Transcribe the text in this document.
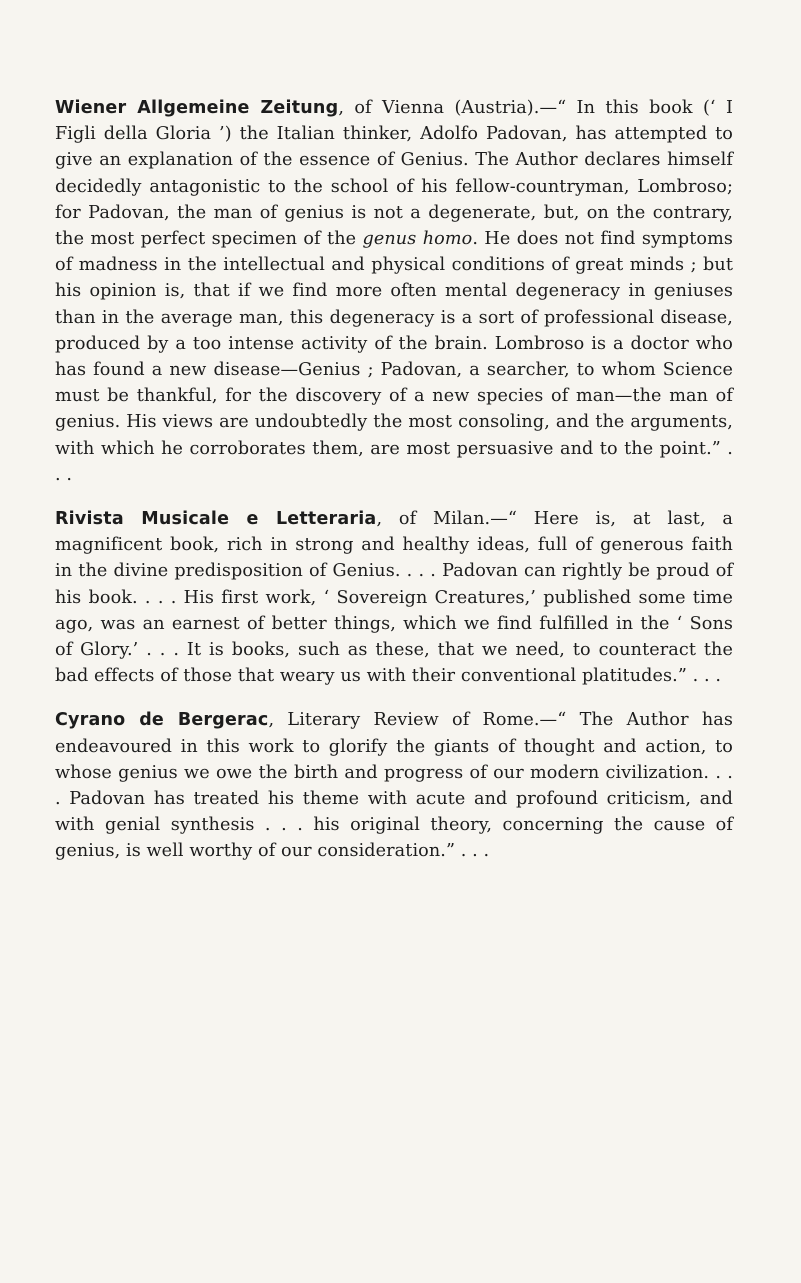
Wiener Allgemeine Zeitung, of Vienna (Austria).—“ In this book (‘ I Figli della Gloria ’) the Italian thinker, Adolfo Padovan, has attempted to give an explanation of the essence of Genius. The Author declares himself decidedly antagonistic to the school of his fellow-countryman, Lombroso; for Padovan, the man of genius is not a degenerate, but, on the contrary, the most perfect specimen of the genus homo. He does not find symptoms of madness in the intellectual and physical conditions of great minds ; but his opinion is, that if we find more often mental degeneracy in geniuses than in the average man, this degeneracy is a sort of professional disease, produced by a too intense activity of the brain. Lombroso is a doctor who has found a new disease—Genius ; Padovan, a searcher, to whom Science must be thankful, for the discovery of a new species of man—the man of genius. His views are undoubtedly the most consoling, and the arguments, with which he corroborates them, are most persuasive and to the point.” . . .

Rivista Musicale e Letteraria, of Milan.—“ Here is, at last, a magnificent book, rich in strong and healthy ideas, full of generous faith in the divine predisposition of Genius. . . . Padovan can rightly be proud of his book. . . . His first work, ‘ Sovereign Creatures,’ published some time ago, was an earnest of better things, which we find fulfilled in the ‘ Sons of Glory.’ . . . It is books, such as these, that we need, to counteract the bad effects of those that weary us with their conventional platitudes.” . . .

Cyrano de Bergerac, Literary Review of Rome.—“ The Author has endeavoured in this work to glorify the giants of thought and action, to whose genius we owe the birth and progress of our modern civilization. . . . Padovan has treated his theme with acute and profound criticism, and with genial synthesis . . . his original theory, concerning the cause of genius, is well worthy of our consideration.” . . .
